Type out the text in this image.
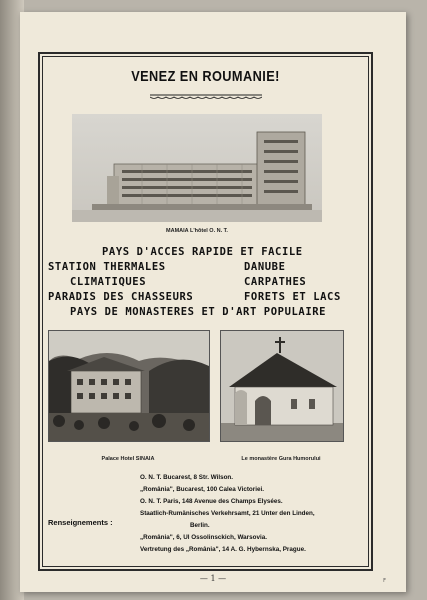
VENEZ EN ROUMANIE!
MAMAIA L'hôtel O. N. T.
PAYS D'ACCES RAPIDE ET FACILE
STATION THERMALES	DANUBE
CLIMATIQUES	CARPATHES
PARADIS DES CHASSEURS	FORETS ET LACS
PAYS DE MONASTERES ET D'ART POPULAIRE
Palace Hotel SINAIA	Le monastère Gura Humorului
Renseignements :
O. N. T. Bucarest, 8 Str. Wilson.
„România", Bucarest, 100 Calea Victoriei.
O. N. T. Paris, 148 Avenue des Champs Elysées.
Staatlich-Rumänisches Verkehrsamt, 21 Unter den Linden,
Berlin.
„România", 6, Ul Ossolinsckich, Warsovia.
Vertretung des „România", 14 A. G. Hybernska, Prague.
— 1 —	F
